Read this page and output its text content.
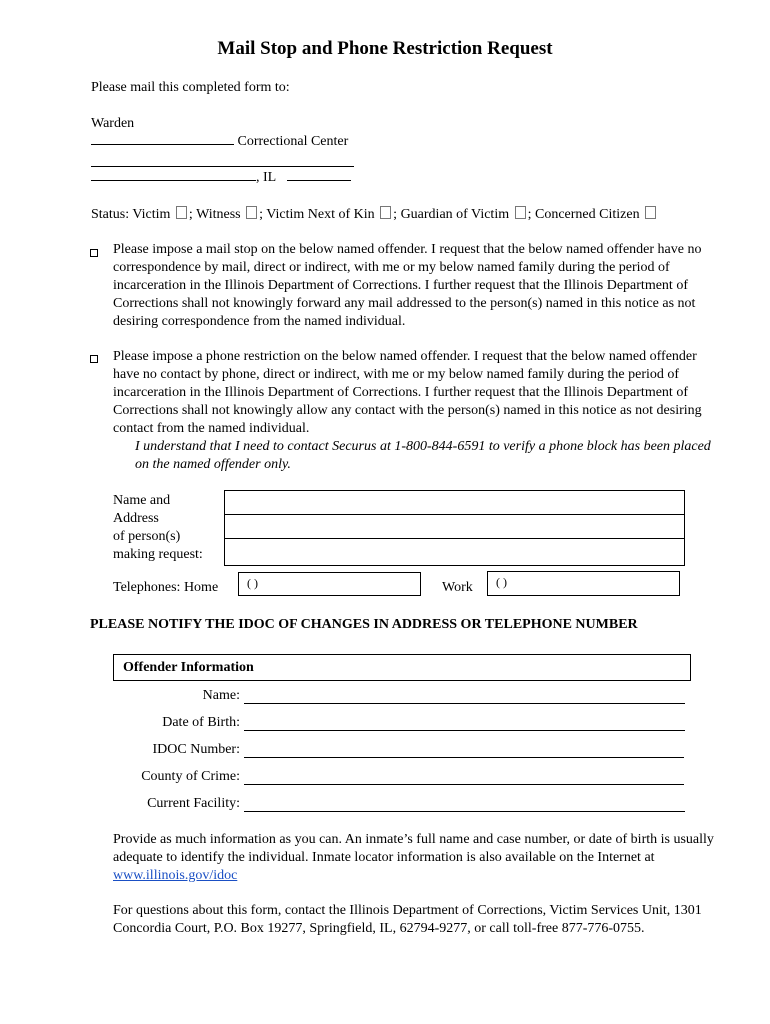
Mail Stop and Phone Restriction Request
Please mail this completed form to:
Warden
Correctional Center
, IL
Status: Victim ; Witness ; Victim Next of Kin ; Guardian of Victim ; Concerned Citizen
Please impose a mail stop on the below named offender. I request that the below named offender have no correspondence by mail, direct or indirect, with me or my below named family during the period of incarceration in the Illinois Department of Corrections. I further request that the Illinois Department of Corrections shall not knowingly forward any mail addressed to the person(s) named in this notice as not desiring correspondence from the named individual.
Please impose a phone restriction on the below named offender. I request that the below named offender have no contact by phone, direct or indirect, with me or my below named family during the period of incarceration in the Illinois Department of Corrections. I further request that the Illinois Department of Corrections shall not knowingly allow any contact with the person(s) named in this notice as not desiring contact from the named individual.
I understand that I need to contact Securus at 1-800-844-6591 to verify a phone block has been placed on the named offender only.
Name and
Address
of person(s)
making request:
Telephones: Home ( )	Work ( )
PLEASE NOTIFY THE IDOC OF CHANGES IN ADDRESS OR TELEPHONE NUMBER
Offender Information
Name:
Date of Birth:
IDOC Number:
County of Crime:
Current Facility:
Provide as much information as you can. An inmate’s full name and case number, or date of birth is usually adequate to identify the individual. Inmate locator information is also available on the Internet at www.illinois.gov/idoc
For questions about this form, contact the Illinois Department of Corrections, Victim Services Unit, 1301 Concordia Court, P.O. Box 19277, Springfield, IL, 62794-9277, or call toll-free 877-776-0755.
